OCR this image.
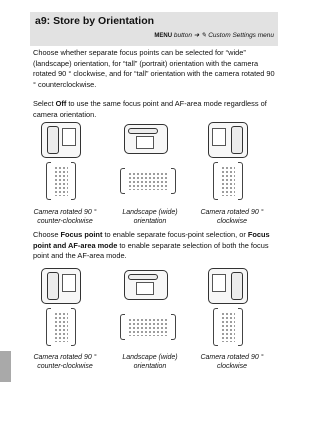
a9: Store by Orientation
MENU button ➜ ✎ Custom Settings menu

Choose whether separate focus points can be selected for “wide” (landscape) orientation, for “tall” (portrait) orientation with the camera rotated 90 ° clockwise, and for “tall” orientation with the camera rotated 90 ° counterclockwise.

Select Off to use the same focus point and AF-area mode regardless of camera orientation.

Camera rotated 90 ° counter-clockwise
Landscape (wide) orientation
Camera rotated 90 ° clockwise

Choose Focus point to enable separate focus-point selection, or Focus point and AF-area mode to enable separate selection of both the focus point and the AF-area mode.

Camera rotated 90 ° counter-clockwise
Landscape (wide) orientation
Camera rotated 90 ° clockwise
